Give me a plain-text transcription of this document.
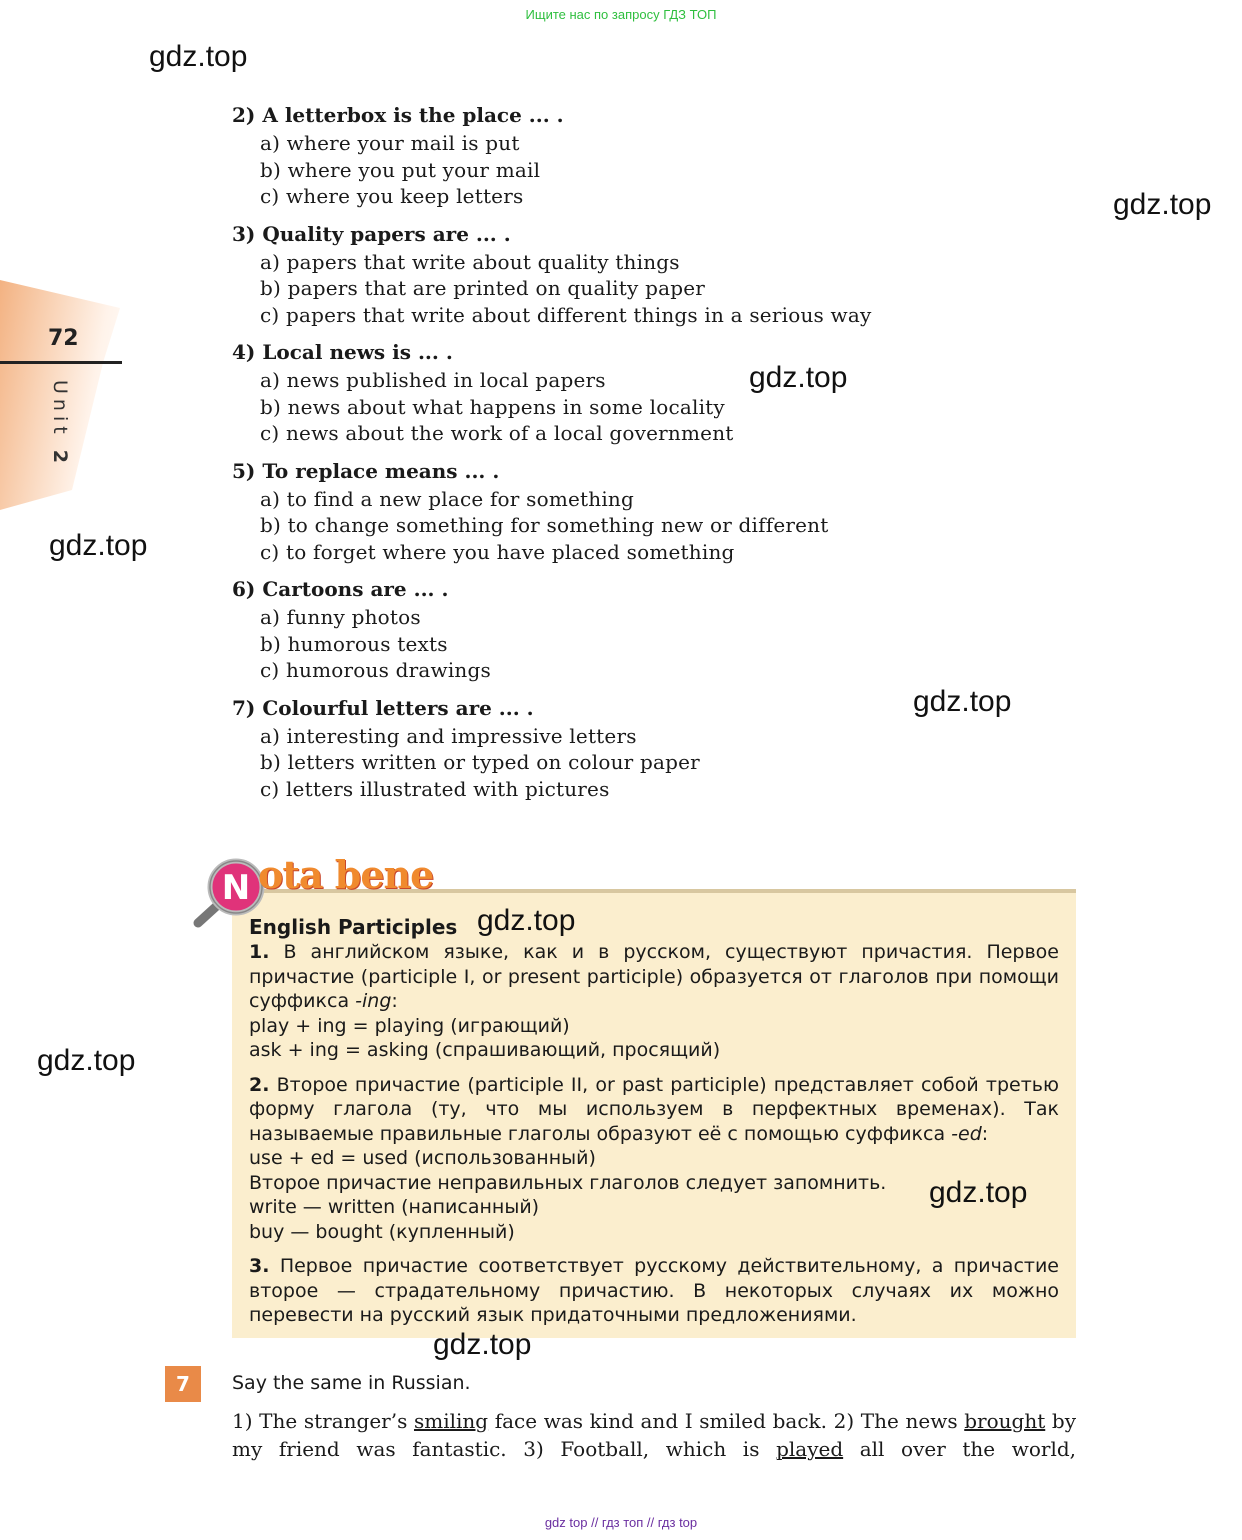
Ищите нас по запросу ГДЗ ТОП
gdz.top
gdz.top
gdz.top
gdz.top
gdz.top
72
Unit 2
2) A letterbox is the place ... .
a) where your mail is put
b) where you put your mail
c) where you keep letters
3) Quality papers are ... .
a) papers that write about quality things
b) papers that are printed on quality paper
c) papers that write about different things in a serious way
4) Local news is ... .
a) news published in local papers
b) news about what happens in some locality
c) news about the work of a local government
5) To replace means ... .
a) to find a new place for something
b) to change something for something new or different
c) to forget where you have placed something
6) Cartoons are ... .
a) funny photos
b) humorous texts
c) humorous drawings
7) Colourful letters are ... .
a) interesting and impressive letters
b) letters written or typed on colour paper
c) letters illustrated with pictures
N ota bene
gdz.top
English Participles

1. В английском языке, как и в русском, существуют причастия. Первое причастие (participle I, or present participle) образуется от глаголов при помощи суффикса -ing:

play + ing = playing (играющий)

ask + ing = asking (спрашивающий, просящий)

2. Второе причастие (participle II, or past participle) представляет собой третью форму глагола (ту, что мы используем в перфектных временах). Так называемые правильные глаголы образуют её с помощью суффикса -ed:

use + ed = used (использованный)

Второе причастие неправильных глаголов следует запомнить.

write — written (написанный)

buy — bought (купленный)

3. Первое причастие соответствует русскому действительному, а причастие второе — страдательному причастию. В некоторых случаях их можно перевести на русский язык придаточными предложениями.

gdz.top
gdz.top
gdz.top
7	Say the same in Russian.
1) The stranger’s smiling face was kind and I smiled back. 2) The news brought by my friend was fantastic. 3) Football, which is played all over the world,
gdz top // гдз топ // гдз top
